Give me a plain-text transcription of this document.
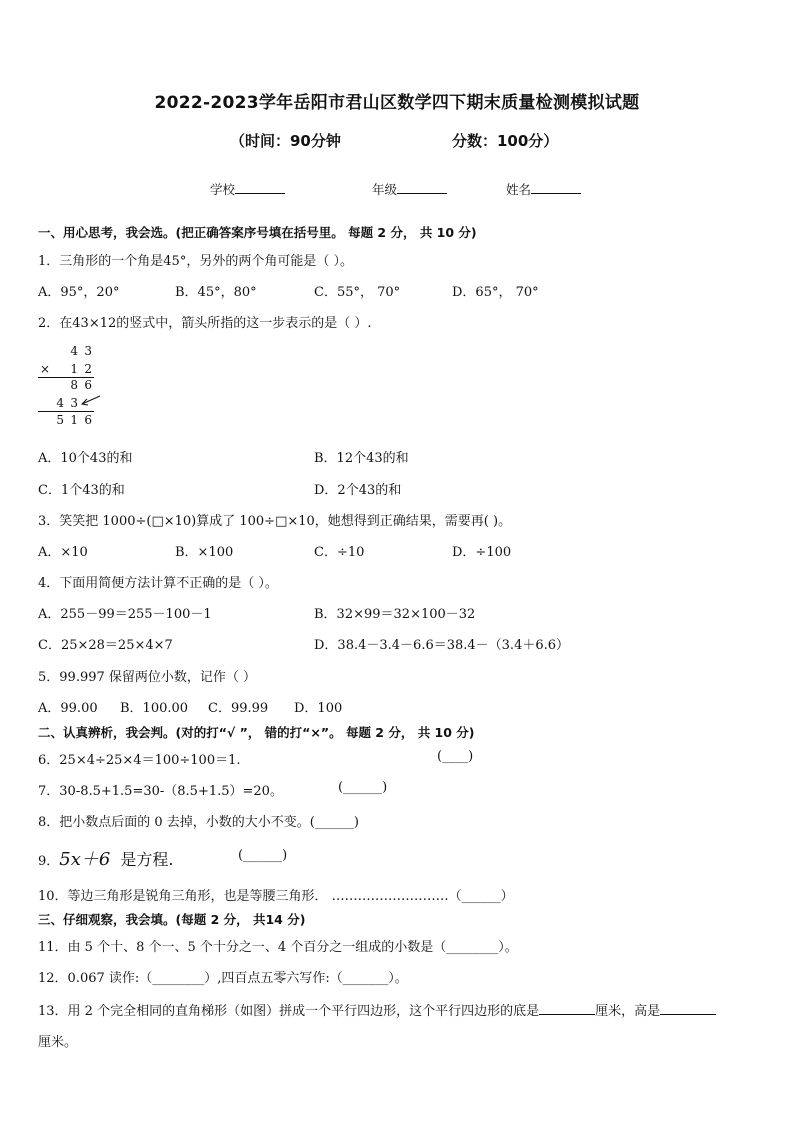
2022-2023学年岳阳市君山区数学四下期末质量检测模拟试题
（时间：90分钟	分数：100分）
学校	年级	姓名
一、用心思考，我会选。(把正确答案序号填在括号里。 每题 2 分， 共 10 分)
1．三角形的一个角是45°，另外的两个角可能是（ ）。
A．95°，20°	B．45°，80°	C．55°， 70°	D．65°， 70°
2．在43×12的竖式中，箭头所指的这一步表示的是（ ）.
4 3
× 1 2
8 6
4 3
5 1 6
A．10个43的和	B．12个43的和
C．1个43的和	D．2个43的和
3．笑笑把 1000÷(□×10)算成了 100÷□×10，她想得到正确结果，需要再( )。
A．×10	B．×100	C．÷10	D．÷100
4．下面用简便方法计算不正确的是（ ）。
A．255－99＝255－100－1	B．32×99＝32×100－32
C．25×28＝25×4×7	D．38.4－3.4－6.6＝38.4－（3.4＋6.6）
5．99.997 保留两位小数，记作（ ）
A．99.00 B．100.00 C．99.99 D．100
二、认真辨析，我会判。(对的打“√ ”， 错的打“×”。 每题 2 分， 共 10 分)
6．25×4÷25×4＝100÷100＝1.	(____)
7．30-8.5+1.5=30-（8.5+1.5）=20。	(______)
8．把小数点后面的 0 去掉，小数的大小不变。(______)
9．5x＋6 是方程.	(______)
10．等边三角形是锐角三角形，也是等腰三角形． ………………………（______）
三、仔细观察，我会填。(每题 2 分， 共14 分)
11．由 5 个十、8 个一、5 个十分之一、4 个百分之一组成的小数是（________）。
12．0.067 读作:（________）,四百点五零六写作:（_______）。
13．用 2 个完全相同的直角梯形（如图）拼成一个平行四边形，这个平行四边形的底是	厘米，高是
厘米。
